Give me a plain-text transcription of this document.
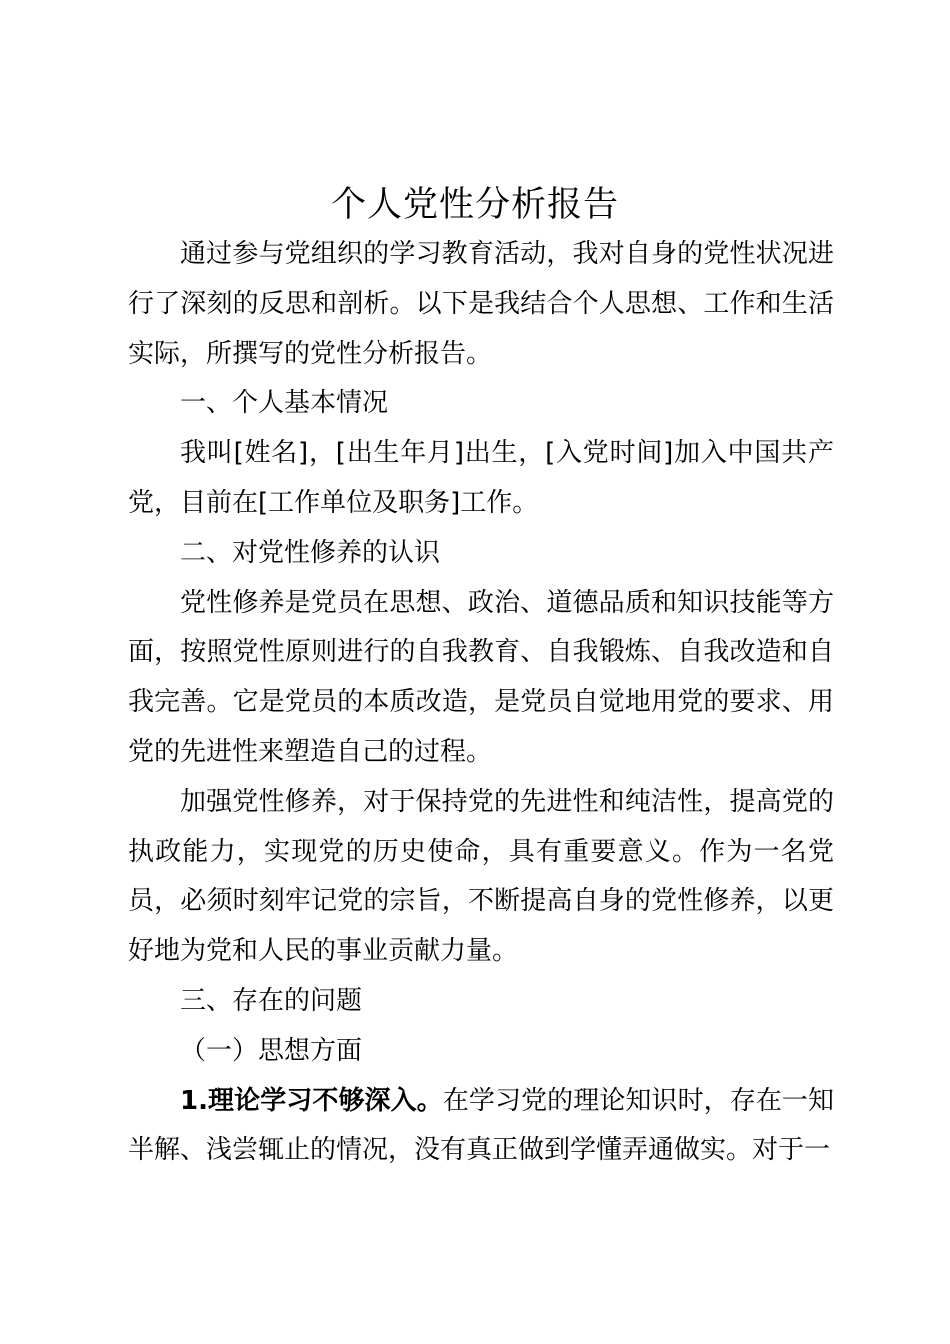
个人党性分析报告

通过参与党组织的学习教育活动，我对自身的党性状况进行了深刻的反思和剖析。以下是我结合个人思想、工作和生活实际，所撰写的党性分析报告。

一、个人基本情况

我叫[姓名]，[出生年月]出生，[入党时间]加入中国共产党，目前在[工作单位及职务]工作。

二、对党性修养的认识

党性修养是党员在思想、政治、道德品质和知识技能等方面，按照党性原则进行的自我教育、自我锻炼、自我改造和自我完善。它是党员的本质改造，是党员自觉地用党的要求、用党的先进性来塑造自己的过程。

加强党性修养，对于保持党的先进性和纯洁性，提高党的执政能力，实现党的历史使命，具有重要意义。作为一名党员，必须时刻牢记党的宗旨，不断提高自身的党性修养，以更好地为党和人民的事业贡献力量。

三、存在的问题

（一）思想方面

1.理论学习不够深入。在学习党的理论知识时，存在一知半解、浅尝辄止的情况，没有真正做到学懂弄通做实。对于一
